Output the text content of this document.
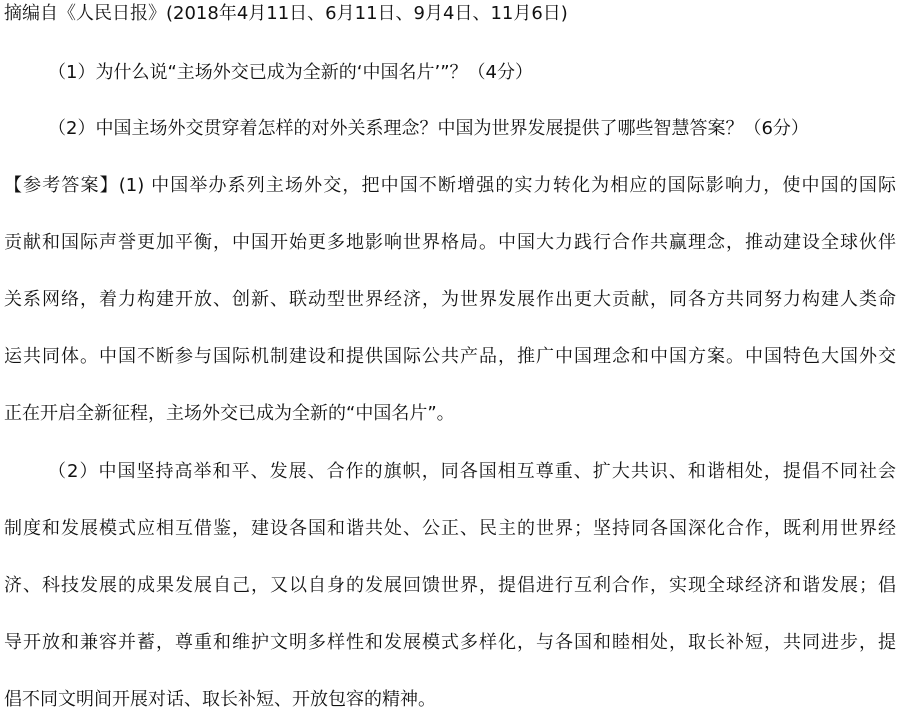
摘编自《人民日报》(2018年4月11日、6月11日、9月4日、11月6日)
（1）为什么说“主场外交已成为全新的‘中国名片’”？（4分）
（2）中国主场外交贯穿着怎样的对外关系理念？中国为世界发展提供了哪些智慧答案？（6分）
【参考答案】(1) 中国举办系列主场外交，把中国不断增强的实力转化为相应的国际影响力，使中国的国际
贡献和国际声誉更加平衡，中国开始更多地影响世界格局。中国大力践行合作共赢理念，推动建设全球伙伴
关系网络，着力构建开放、创新、联动型世界经济，为世界发展作出更大贡献，同各方共同努力构建人类命
运共同体。中国不断参与国际机制建设和提供国际公共产品，推广中国理念和中国方案。中国特色大国外交
正在开启全新征程，主场外交已成为全新的“中国名片”。
（2）中国坚持高举和平、发展、合作的旗帜，同各国相互尊重、扩大共识、和谐相处，提倡不同社会
制度和发展模式应相互借鉴，建设各国和谐共处、公正、民主的世界；坚持同各国深化合作，既利用世界经
济、科技发展的成果发展自己，又以自身的发展回馈世界，提倡进行互利合作，实现全球经济和谐发展；倡
导开放和兼容并蓄，尊重和维护文明多样性和发展模式多样化，与各国和睦相处，取长补短，共同进步，提
倡不同文明间开展对话、取长补短、开放包容的精神。
